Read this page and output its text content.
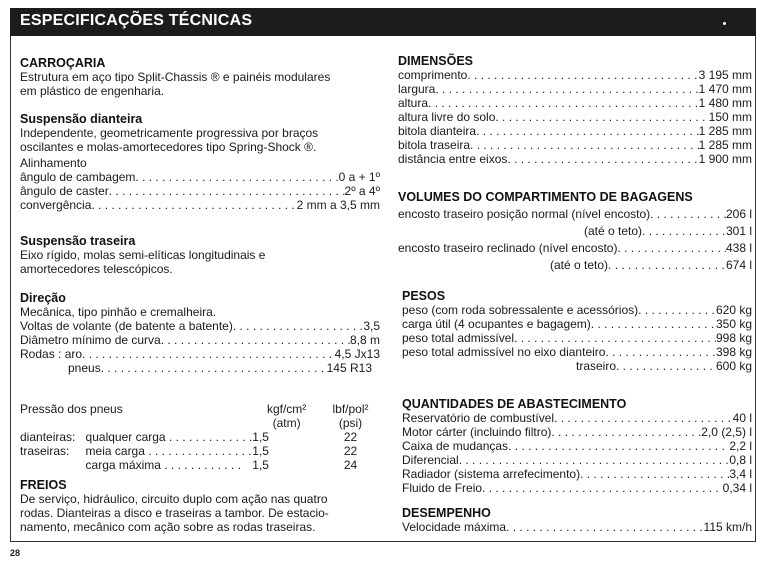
ESPECIFICAÇÕES TÉCNICAS
CARROÇARIA
Estrutura em aço tipo Split-Chassis ® e painéis modulares
em plástico de engenharia.
Suspensão dianteira
Independente, geometricamente progressiva por braços
oscilantes e molas-amortecedores tipo Spring-Shock ®.
Alinhamento
ângulo de cambagem . . .	0 a + 1º
ângulo de caster . . .	2º a 4º
convergência . . .	2 mm a 3,5 mm
Suspensão traseira
Eixo rígido, molas semi-elíticas longitudinais e
amortecedores telescópicos.
Direção
Mecânica, tipo pinhão e cremalheira.
Voltas de volante (de batente a batente) . . .	3,5
Diâmetro mínimo de curva . . .	8,8 m
Rodas : aro . . .	4,5 Jx13
pneus . . .	145 R13
Pressão dos pneus		kgf/cm²	lbf/pol²
		(atm)	(psi)
dianteiras:	qualquer carga . . . . . . . . . . . . .	1,5	22
traseiras:	meia carga . . . . . . . . . . . . . . . .	1,5	22
	carga máxima . . . . . . . . . . . .	1,5	24
FREIOS
De serviço, hidráulico, circuito duplo com ação nas quatro
rodas. Dianteiras a disco e traseiras a tambor. De estacio-
namento, mecânico com ação sobre as rodas traseiras.
DIMENSÕES
comprimento . . .	3 195 mm
largura . . .	1 470 mm
altura . . .	1 480 mm
altura livre do solo . . .	150 mm
bitola dianteira . . .	1 285 mm
bitola traseira . . .	1 285 mm
distância entre eixos . . .	1 900 mm
VOLUMES DO COMPARTIMENTO DE BAGAGENS
encosto traseiro posição normal (nível encosto) . . .	206 l
(até o teto) . . .	301 l
encosto traseiro reclinado (nível encosto) . . .	438 l
(até o teto) . . .	674 l
PESOS
peso (com roda sobressalente e acessórios) . . .	620 kg
carga útil (4 ocupantes e bagagem) . . .	350 kg
peso total admissível . . .	998 kg
peso total admissível no eixo dianteiro . . .	398 kg
traseiro . . .	600 kg
QUANTIDADES DE ABASTECIMENTO
Reservatório de combustível . . .	40 l
Motor cárter (incluindo filtro) . . .	2,0 (2,5) l
Caixa de mudanças . . .	2,2 l
Diferencial . . .	0,8 l
Radiador (sistema arrefecimento) . . .	3,4 l
Fluido de Freio . . .	0,34 l
DESEMPENHO
Velocidade máxima . . .	115 km/h
28
